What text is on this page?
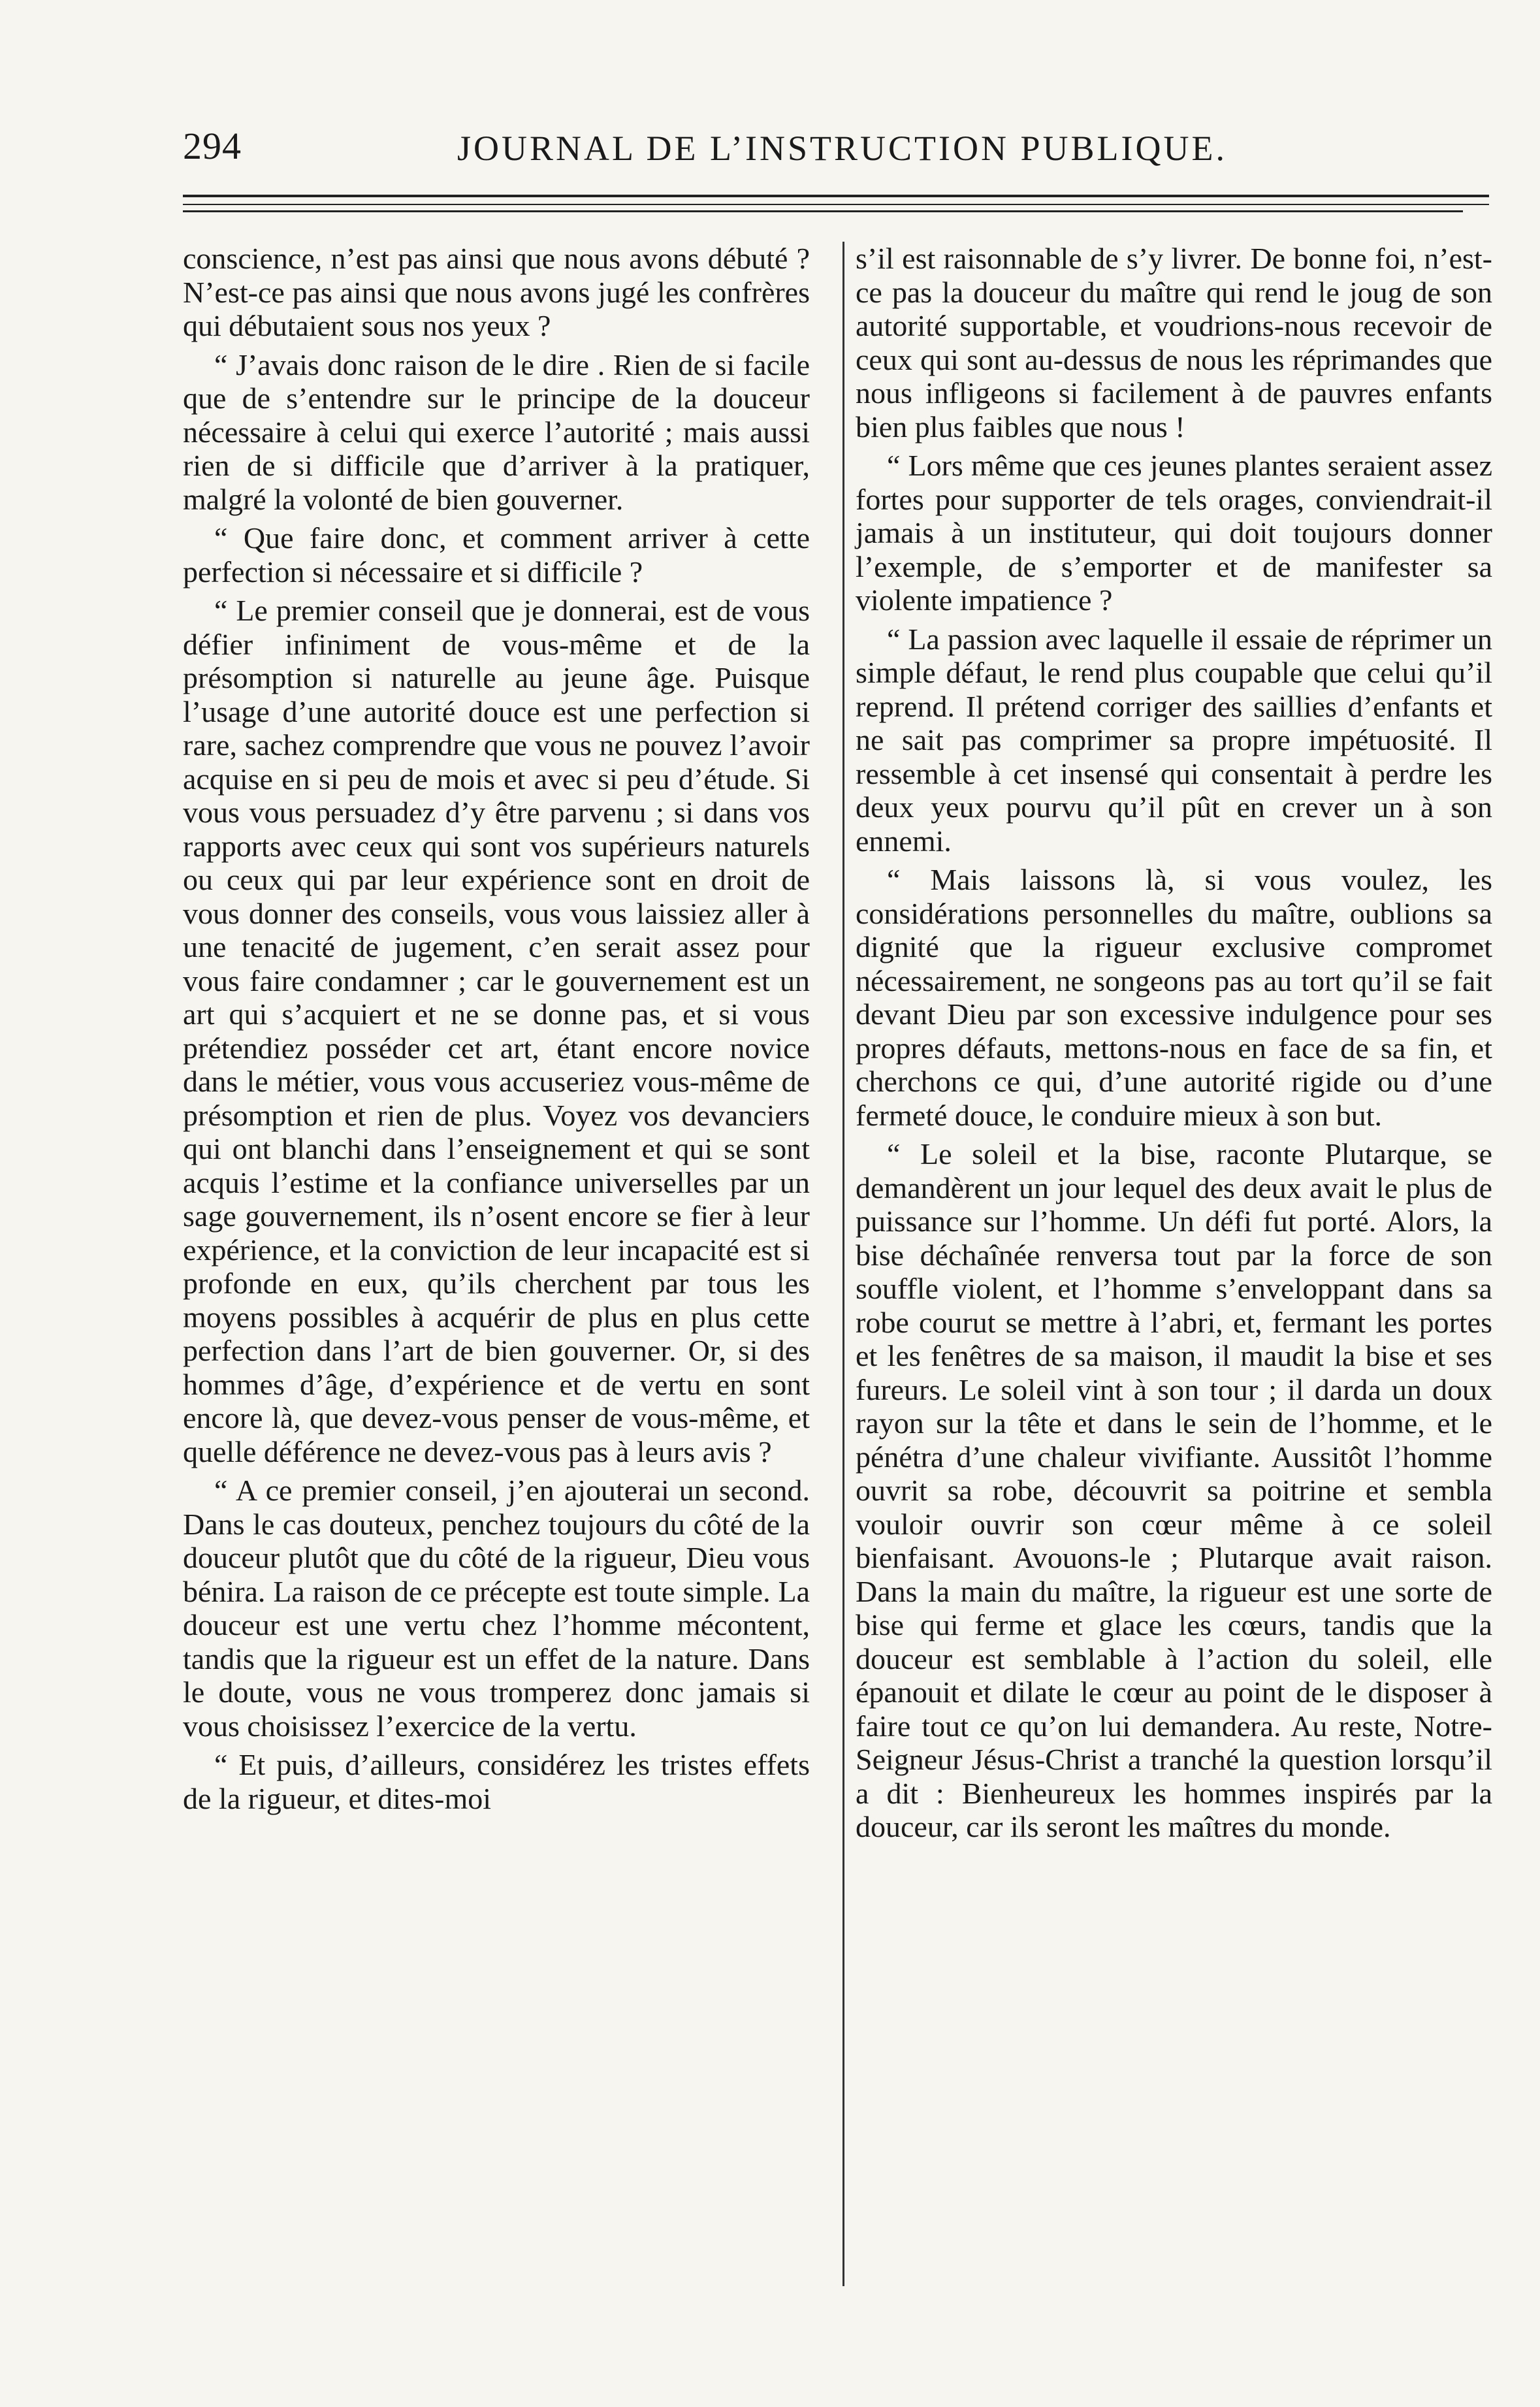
294	JOURNAL DE L’INSTRUCTION PUBLIQUE.

conscience, n’est pas ainsi que nous avons débuté ? N’est-ce pas ainsi que nous avons jugé les confrères qui débutaient sous nos yeux ?

“ J’avais donc raison de le dire . Rien de si facile que de s’entendre sur le principe de la douceur nécessaire à celui qui exerce l’autorité ; mais aussi rien de si difficile que d’arriver à la pratiquer, malgré la volonté de bien gouverner.

“ Que faire donc, et comment arriver à cette perfection si nécessaire et si difficile ?

“ Le premier conseil que je donnerai, est de vous défier infiniment de vous-même et de la présomption si naturelle au jeune âge. Puisque l’usage d’une autorité douce est une perfection si rare, sachez comprendre que vous ne pouvez l’avoir acquise en si peu de mois et avec si peu d’étude. Si vous vous persuadez d’y être parvenu ; si dans vos rapports avec ceux qui sont vos supérieurs naturels ou ceux qui par leur expérience sont en droit de vous donner des conseils, vous vous laissiez aller à une tenacité de jugement, c’en serait assez pour vous faire condamner ; car le gouvernement est un art qui s’acquiert et ne se donne pas, et si vous prétendiez posséder cet art, étant encore novice dans le métier, vous vous accuseriez vous-même de présomption et rien de plus. Voyez vos devanciers qui ont blanchi dans l’enseignement et qui se sont acquis l’estime et la confiance universelles par un sage gouvernement, ils n’osent encore se fier à leur expérience, et la conviction de leur incapacité est si profonde en eux, qu’ils cherchent par tous les moyens possibles à acquérir de plus en plus cette perfection dans l’art de bien gouverner. Or, si des hommes d’âge, d’expérience et de vertu en sont encore là, que devez-vous penser de vous-même, et quelle déférence ne devez-vous pas à leurs avis ?

“ A ce premier conseil, j’en ajouterai un second. Dans le cas douteux, penchez toujours du côté de la douceur plutôt que du côté de la rigueur, Dieu vous bénira. La raison de ce précepte est toute simple. La douceur est une vertu chez l’homme mécontent, tandis que la rigueur est un effet de la nature. Dans le doute, vous ne vous tromperez donc jamais si vous choisissez l’exercice de la vertu.

“ Et puis, d’ailleurs, considérez les tristes effets de la rigueur, et dites-moi

s’il est raisonnable de s’y livrer. De bonne foi, n’est-ce pas la douceur du maître qui rend le joug de son autorité supportable, et voudrions-nous recevoir de ceux qui sont au-dessus de nous les réprimandes que nous infligeons si facilement à de pauvres enfants bien plus faibles que nous !

“ Lors même que ces jeunes plantes seraient assez fortes pour supporter de tels orages, conviendrait-il jamais à un instituteur, qui doit toujours donner l’exemple, de s’emporter et de manifester sa violente impatience ?

“ La passion avec laquelle il essaie de réprimer un simple défaut, le rend plus coupable que celui qu’il reprend. Il prétend corriger des saillies d’enfants et ne sait pas comprimer sa propre impétuosité. Il ressemble à cet insensé qui consentait à perdre les deux yeux pourvu qu’il pût en crever un à son ennemi.

“ Mais laissons là, si vous voulez, les considérations personnelles du maître, oublions sa dignité que la rigueur exclusive compromet nécessairement, ne songeons pas au tort qu’il se fait devant Dieu par son excessive indulgence pour ses propres défauts, mettons-nous en face de sa fin, et cherchons ce qui, d’une autorité rigide ou d’une fermeté douce, le conduire mieux à son but.

“ Le soleil et la bise, raconte Plutarque, se demandèrent un jour lequel des deux avait le plus de puissance sur l’homme. Un défi fut porté. Alors, la bise déchaînée renversa tout par la force de son souffle violent, et l’homme s’enveloppant dans sa robe courut se mettre à l’abri, et, fermant les portes et les fenêtres de sa maison, il maudit la bise et ses fureurs. Le soleil vint à son tour ; il darda un doux rayon sur la tête et dans le sein de l’homme, et le pénétra d’une chaleur vivifiante. Aussitôt l’homme ouvrit sa robe, découvrit sa poitrine et sembla vouloir ouvrir son cœur même à ce soleil bienfaisant. Avouons-le ; Plutarque avait raison. Dans la main du maître, la rigueur est une sorte de bise qui ferme et glace les cœurs, tandis que la douceur est semblable à l’action du soleil, elle épanouit et dilate le cœur au point de le disposer à faire tout ce qu’on lui demandera. Au reste, Notre-Seigneur Jésus-Christ a tranché la question lorsqu’il a dit : Bienheureux les hommes inspirés par la douceur, car ils seront les maîtres du monde.
